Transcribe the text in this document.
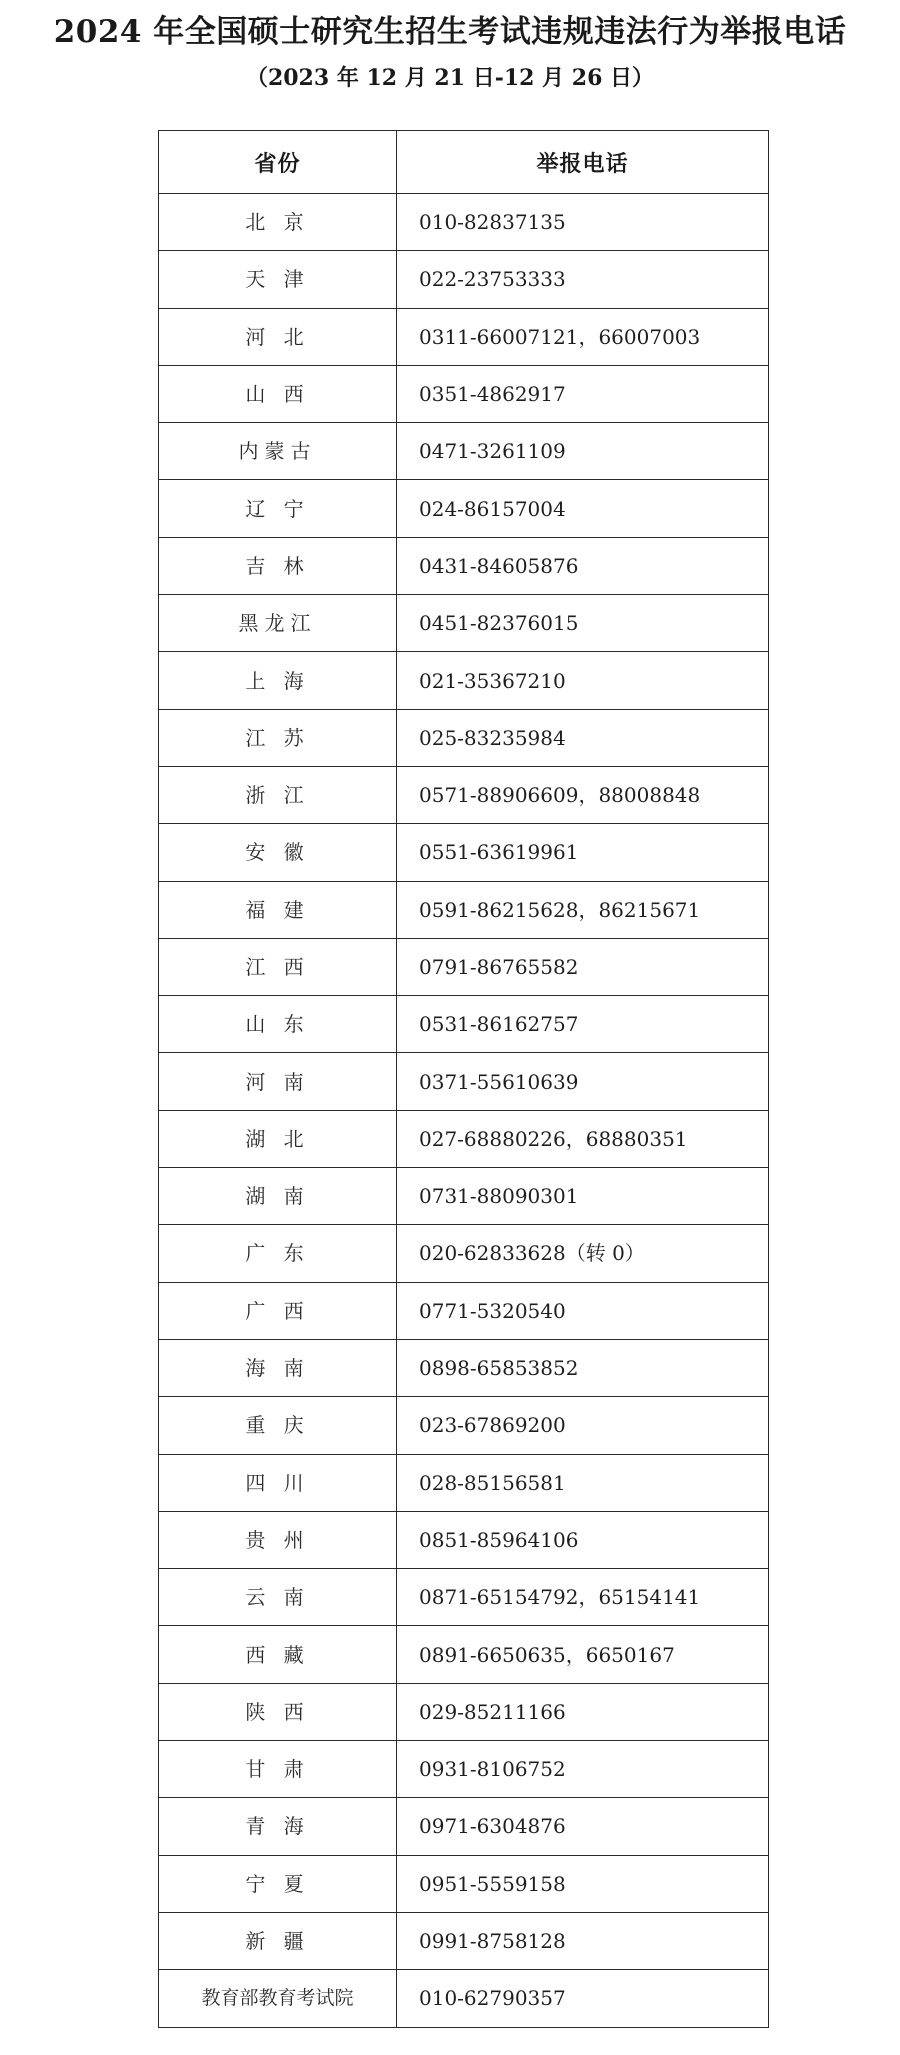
2024 年全国硕士研究生招生考试违规违法行为举报电话
（2023 年 12 月 21 日-12 月 26 日）
省份	举报电话
北 京	010-82837135
天 津	022-23753333
河 北	0311-66007121，66007003
山 西	0351-4862917
内蒙古	0471-3261109
辽 宁	024-86157004
吉 林	0431-84605876
黑龙江	0451-82376015
上 海	021-35367210
江 苏	025-83235984
浙 江	0571-88906609，88008848
安 徽	0551-63619961
福 建	0591-86215628，86215671
江 西	0791-86765582
山 东	0531-86162757
河 南	0371-55610639
湖 北	027-68880226，68880351
湖 南	0731-88090301
广 东	020-62833628（转 0）
广 西	0771-5320540
海 南	0898-65853852
重 庆	023-67869200
四 川	028-85156581
贵 州	0851-85964106
云 南	0871-65154792，65154141
西 藏	0891-6650635，6650167
陕 西	029-85211166
甘 肃	0931-8106752
青 海	0971-6304876
宁 夏	0951-5559158
新 疆	0991-8758128
教育部教育考试院	010-62790357
